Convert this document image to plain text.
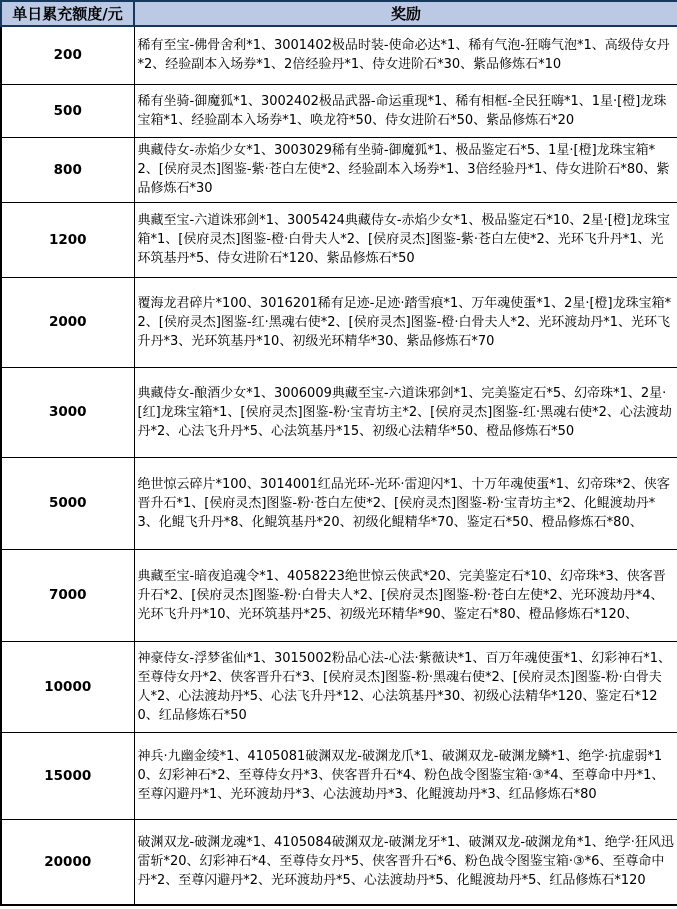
单日累充额度/元	奖励
200	稀有至宝-佛骨舍利*1、3001402极品时装-使命必达*1、稀有气泡-狂嗨气泡*1、高级侍女丹*2、经验副本入场券*1、2倍经验丹*1、侍女进阶石*30、紫品修炼石*10
500	稀有坐骑-御魔狐*1、3002402极品武器-命运重现*1、稀有相框-全民狂嗨*1、1星·[橙]龙珠宝箱*1、经验副本入场券*1、唤龙符*50、侍女进阶石*50、紫品修炼石*20
800	典藏侍女-赤焰少女*1、3003029稀有坐骑-御魔狐*1、极品鉴定石*5、1星·[橙]龙珠宝箱*2、[侯府灵杰]图鉴-紫·苍白左使*2、经验副本入场券*1、3倍经验丹*1、侍女进阶石*80、紫品修炼石*30
1200	典藏至宝-六道诛邪剑*1、3005424典藏侍女-赤焰少女*1、极品鉴定石*10、2星·[橙]龙珠宝箱*1、[侯府灵杰]图鉴-橙·白骨夫人*2、[侯府灵杰]图鉴-紫·苍白左使*2、光环飞升丹*1、光环筑基丹*5、侍女进阶石*120、紫品修炼石*50
2000	覆海龙君碎片*100、3016201稀有足迹-足迹·踏雪痕*1、万年魂使蛋*1、2星·[橙]龙珠宝箱*2、[侯府灵杰]图鉴-红·黑魂右使*2、[侯府灵杰]图鉴-橙·白骨夫人*2、光环渡劫丹*1、光环飞升丹*3、光环筑基丹*10、初级光环精华*30、紫品修炼石*70
3000	典藏侍女-酿酒少女*1、3006009典藏至宝-六道诛邪剑*1、完美鉴定石*5、幻帝珠*1、2星·[红]龙珠宝箱*1、[侯府灵杰]图鉴-粉·宝青坊主*2、[侯府灵杰]图鉴-红·黑魂右使*2、心法渡劫丹*2、心法飞升丹*5、心法筑基丹*15、初级心法精华*50、橙品修炼石*50
5000	绝世惊云碎片*100、3014001红品光环-光环·雷迎闪*1、十万年魂使蛋*1、幻帝珠*2、侠客晋升石*1、[侯府灵杰]图鉴-粉·苍白左使*2、[侯府灵杰]图鉴-粉·宝青坊主*2、化鲲渡劫丹*3、化鲲飞升丹*8、化鲲筑基丹*20、初级化鲲精华*70、鉴定石*50、橙品修炼石*80、
7000	典藏至宝-暗夜追魂令*1、4058223绝世惊云侠武*20、完美鉴定石*10、幻帝珠*3、侠客晋升石*2、[侯府灵杰]图鉴-粉·白骨夫人*2、[侯府灵杰]图鉴-粉·苍白左使*2、光环渡劫丹*4、光环飞升丹*10、光环筑基丹*25、初级光环精华*90、鉴定石*80、橙品修炼石*120、
10000	神豪侍女-浮梦雀仙*1、3015002粉品心法-心法·紫薇诀*1、百万年魂使蛋*1、幻彩神石*1、至尊侍女丹*2、侠客晋升石*3、[侯府灵杰]图鉴-粉·黑魂右使*2、[侯府灵杰]图鉴-粉·白骨夫人*2、心法渡劫丹*5、心法飞升丹*12、心法筑基丹*30、初级心法精华*120、鉴定石*120、红品修炼石*50
15000	神兵·九幽金绫*1、4105081破渊双龙-破渊龙爪*1、破渊双龙-破渊龙鳞*1、绝学·抗虚弱*10、幻彩神石*2、至尊侍女丹*3、侠客晋升石*4、粉色战令图鉴宝箱·③*4、至尊命中丹*1、至尊闪避丹*1、光环渡劫丹*3、心法渡劫丹*3、化鲲渡劫丹*3、红品修炼石*80
20000	破渊双龙-破渊龙魂*1、4105084破渊双龙-破渊龙牙*1、破渊双龙-破渊龙角*1、绝学·狂风迅雷斩*20、幻彩神石*4、至尊侍女丹*5、侠客晋升石*6、粉色战令图鉴宝箱·③*6、至尊命中丹*2、至尊闪避丹*2、光环渡劫丹*5、心法渡劫丹*5、化鲲渡劫丹*5、红品修炼石*120
